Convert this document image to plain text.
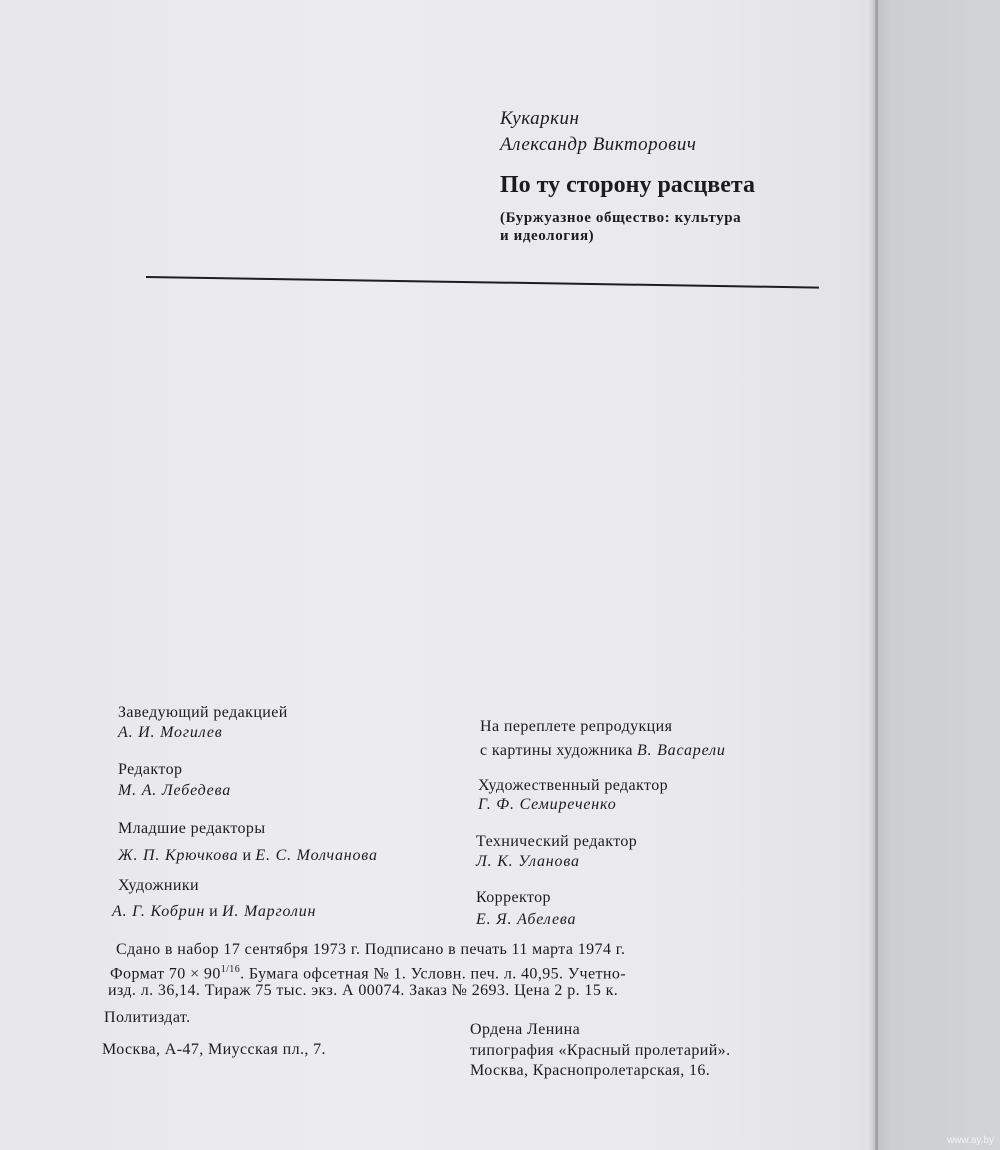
Кукаркин
Александр Викторович
По ту сторону расцвета
(Буржуазное общество: культура
и идеология)
Заведующий редакцией
А. И. Могилев
Редактор
М. А. Лебедева
Младшие редакторы
Ж. П. Крючкова и Е. С. Молчанова
Художники
А. Г. Кобрин и И. Марголин
На переплете репродукция
с картины художника В. Васарели
Художественный редактор
Г. Ф. Семиреченко
Технический редактор
Л. К. Уланова
Корректор
Е. Я. Абелева
Сдано в набор 17 сентября 1973 г. Подписано в печать 11 марта 1974 г.
Формат $70 \times 90^{1/16}$. Бумага офсетная № 1. Условн. печ. л. 40,95. Учетно-
изд. л. 36,14. Тираж 75 тыс. экз. А 00074. Заказ № 2693. Цена 2 р. 15 к.
Политиздат.
Москва, А-47, Миусская пл., 7.
Ордена Ленина
типография «Красный пролетарий».
Москва, Краснопролетарская, 16.
www.ay.by
